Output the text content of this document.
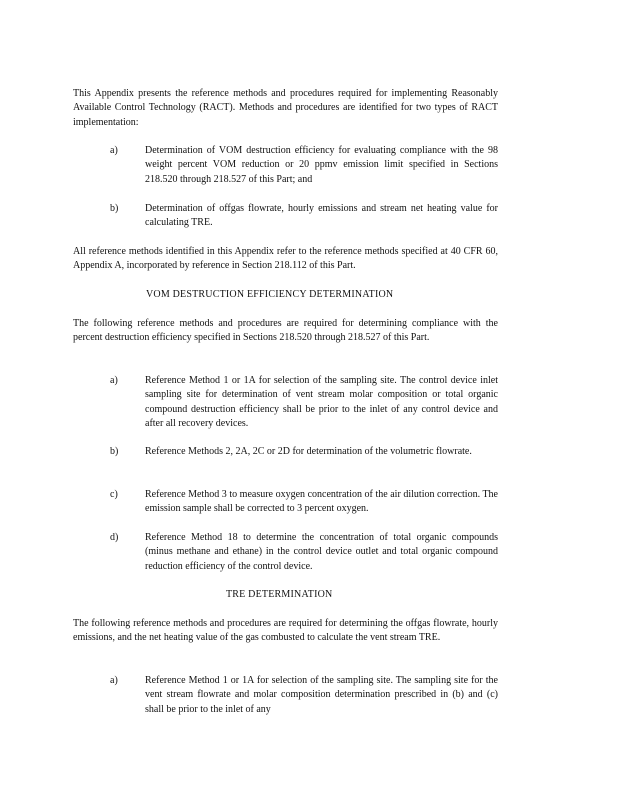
This Appendix presents the reference methods and procedures required for implementing Reasonably Available Control Technology (RACT). Methods and procedures are identified for two types of RACT implementation:

a)	Determination of VOM destruction efficiency for evaluating compliance with the 98 weight percent VOM reduction or 20 ppmv emission limit specified in Sections 218.520 through 218.527 of this Part; and

b)	Determination of offgas flowrate, hourly emissions and stream net heating value for calculating TRE.

All reference methods identified in this Appendix refer to the reference methods specified at 40 CFR 60, Appendix A, incorporated by reference in Section 218.112 of this Part.

VOM DESTRUCTION EFFICIENCY DETERMINATION

The following reference methods and procedures are required for determining compliance with the percent destruction efficiency specified in Sections 218.520 through 218.527 of this Part.

a)	Reference Method 1 or 1A for selection of the sampling site. The control device inlet sampling site for determination of vent stream molar composition or total organic compound destruction efficiency shall be prior to the inlet of any control device and after all recovery devices.

b)	Reference Methods 2, 2A, 2C or 2D for determination of the volumetric flowrate.

c)	Reference Method 3 to measure oxygen concentration of the air dilution correction. The emission sample shall be corrected to 3 percent oxygen.

d)	Reference Method 18 to determine the concentration of total organic compounds (minus methane and ethane) in the control device outlet and total organic compound reduction efficiency of the control device.

TRE DETERMINATION

The following reference methods and procedures are required for determining the offgas flowrate, hourly emissions, and the net heating value of the gas combusted to calculate the vent stream TRE.

a)	Reference Method 1 or 1A for selection of the sampling site. The sampling site for the vent stream flowrate and molar composition determination prescribed in (b) and (c) shall be prior to the inlet of any
